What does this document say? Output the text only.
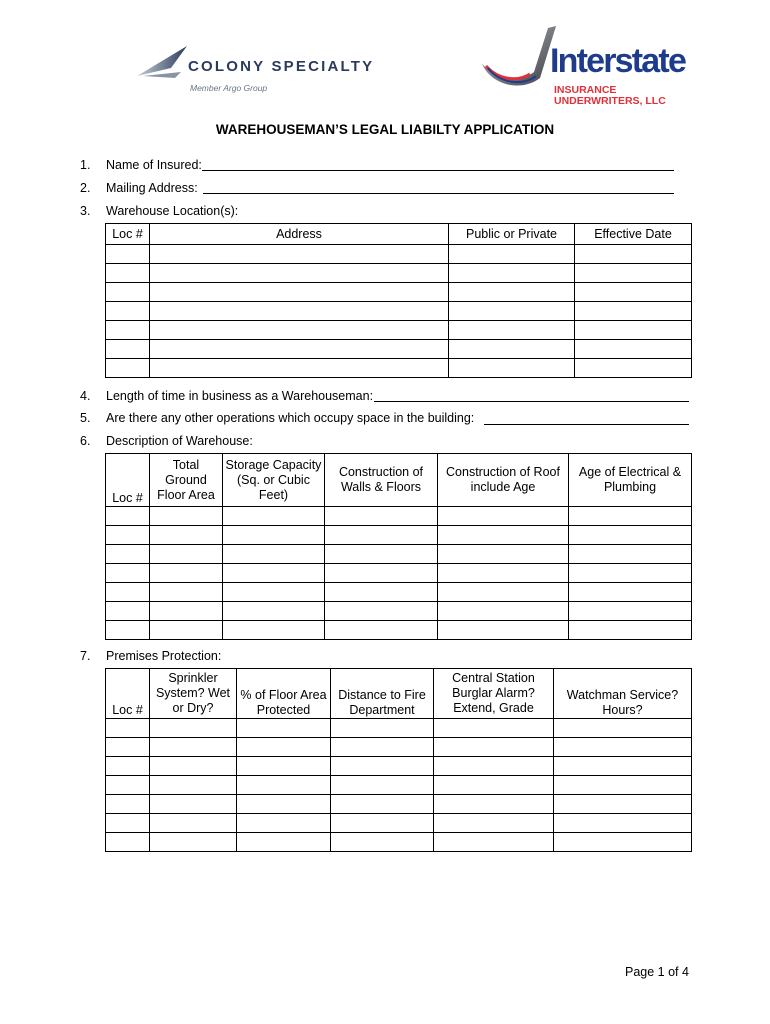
COLONY SPECIALTY
Member Argo Group
Interstate
INSURANCE
UNDERWRITERS, LLC
WAREHOUSEMAN’S LEGAL LIABILTY APPLICATION
1.	Name of Insured:
2.	Mailing Address:
3.	Warehouse Location(s):
Loc #	Address	Public or Private	Effective Date

4.	Length of time in business as a Warehouseman:
5.	Are there any other operations which occupy space in the building:
6.	Description of Warehouse:
Loc #	Total Ground Floor Area	Storage Capacity (Sq. or Cubic Feet)	Construction of Walls & Floors	Construction of Roof include Age	Age of Electrical & Plumbing

7.	Premises Protection:
Loc #	Sprinkler System? Wet or Dry?	% of Floor Area Protected	Distance to Fire Department	Central Station Burglar Alarm? Extend, Grade	Watchman Service? Hours?

Page 1 of 4
